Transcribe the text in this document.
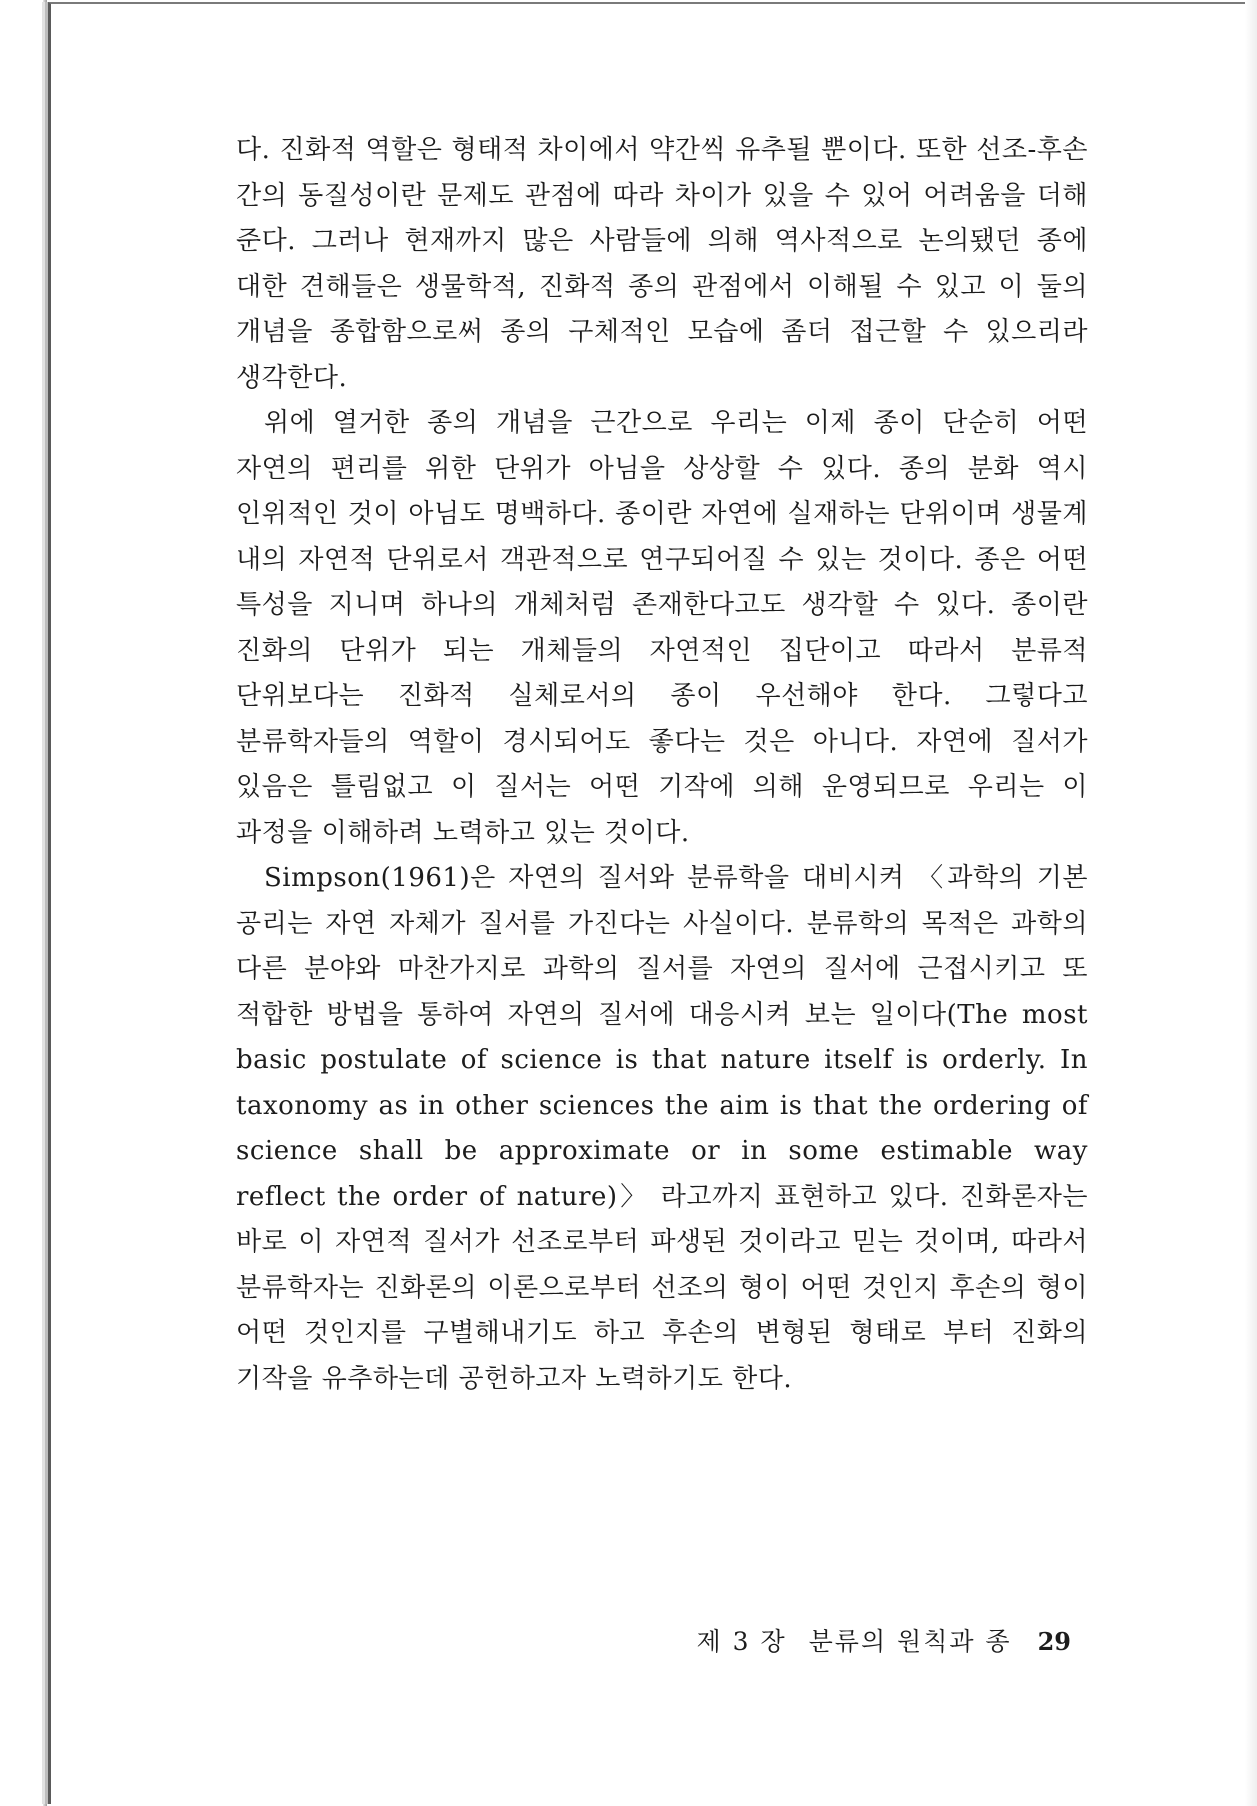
다. 진화적 역할은 형태적 차이에서 약간씩 유추될 뿐이다. 또한 선조-후손 간의 동질성이란 문제도 관점에 따라 차이가 있을 수 있어 어려움을 더해 준다. 그러나 현재까지 많은 사람들에 의해 역사적으로 논의됐던 종에 대한 견해들은 생물학적, 진화적 종의 관점에서 이해될 수 있고 이 둘의 개념을 종합함으로써 종의 구체적인 모습에 좀더 접근할 수 있으리라 생각한다.

위에 열거한 종의 개념을 근간으로 우리는 이제 종이 단순히 어떤 자연의 편리를 위한 단위가 아님을 상상할 수 있다. 종의 분화 역시 인위적인 것이 아님도 명백하다. 종이란 자연에 실재하는 단위이며 생물계 내의 자연적 단위로서 객관적으로 연구되어질 수 있는 것이다. 종은 어떤 특성을 지니며 하나의 개체처럼 존재한다고도 생각할 수 있다. 종이란 진화의 단위가 되는 개체들의 자연적인 집단이고 따라서 분류적 단위보다는 진화적 실체로서의 종이 우선해야 한다. 그렇다고 분류학자들의 역할이 경시되어도 좋다는 것은 아니다. 자연에 질서가 있음은 틀림없고 이 질서는 어떤 기작에 의해 운영되므로 우리는 이 과정을 이해하려 노력하고 있는 것이다.

Simpson(1961)은 자연의 질서와 분류학을 대비시켜 〈과학의 기본 공리는 자연 자체가 질서를 가진다는 사실이다. 분류학의 목적은 과학의 다른 분야와 마찬가지로 과학의 질서를 자연의 질서에 근접시키고 또 적합한 방법을 통하여 자연의 질서에 대응시켜 보는 일이다(The most basic postulate of science is that nature itself is orderly. In taxonomy as in other sciences the aim is that the ordering of science shall be approximate or in some estimable way reflect the order of nature)〉 라고까지 표현하고 있다. 진화론자는 바로 이 자연적 질서가 선조로부터 파생된 것이라고 믿는 것이며, 따라서 분류학자는 진화론의 이론으로부터 선조의 형이 어떤 것인지 후손의 형이 어떤 것인지를 구별해내기도 하고 후손의 변형된 형태로 부터 진화의 기작을 유추하는데 공헌하고자 노력하기도 한다.

제 3 장 분류의 원칙과 종 29
